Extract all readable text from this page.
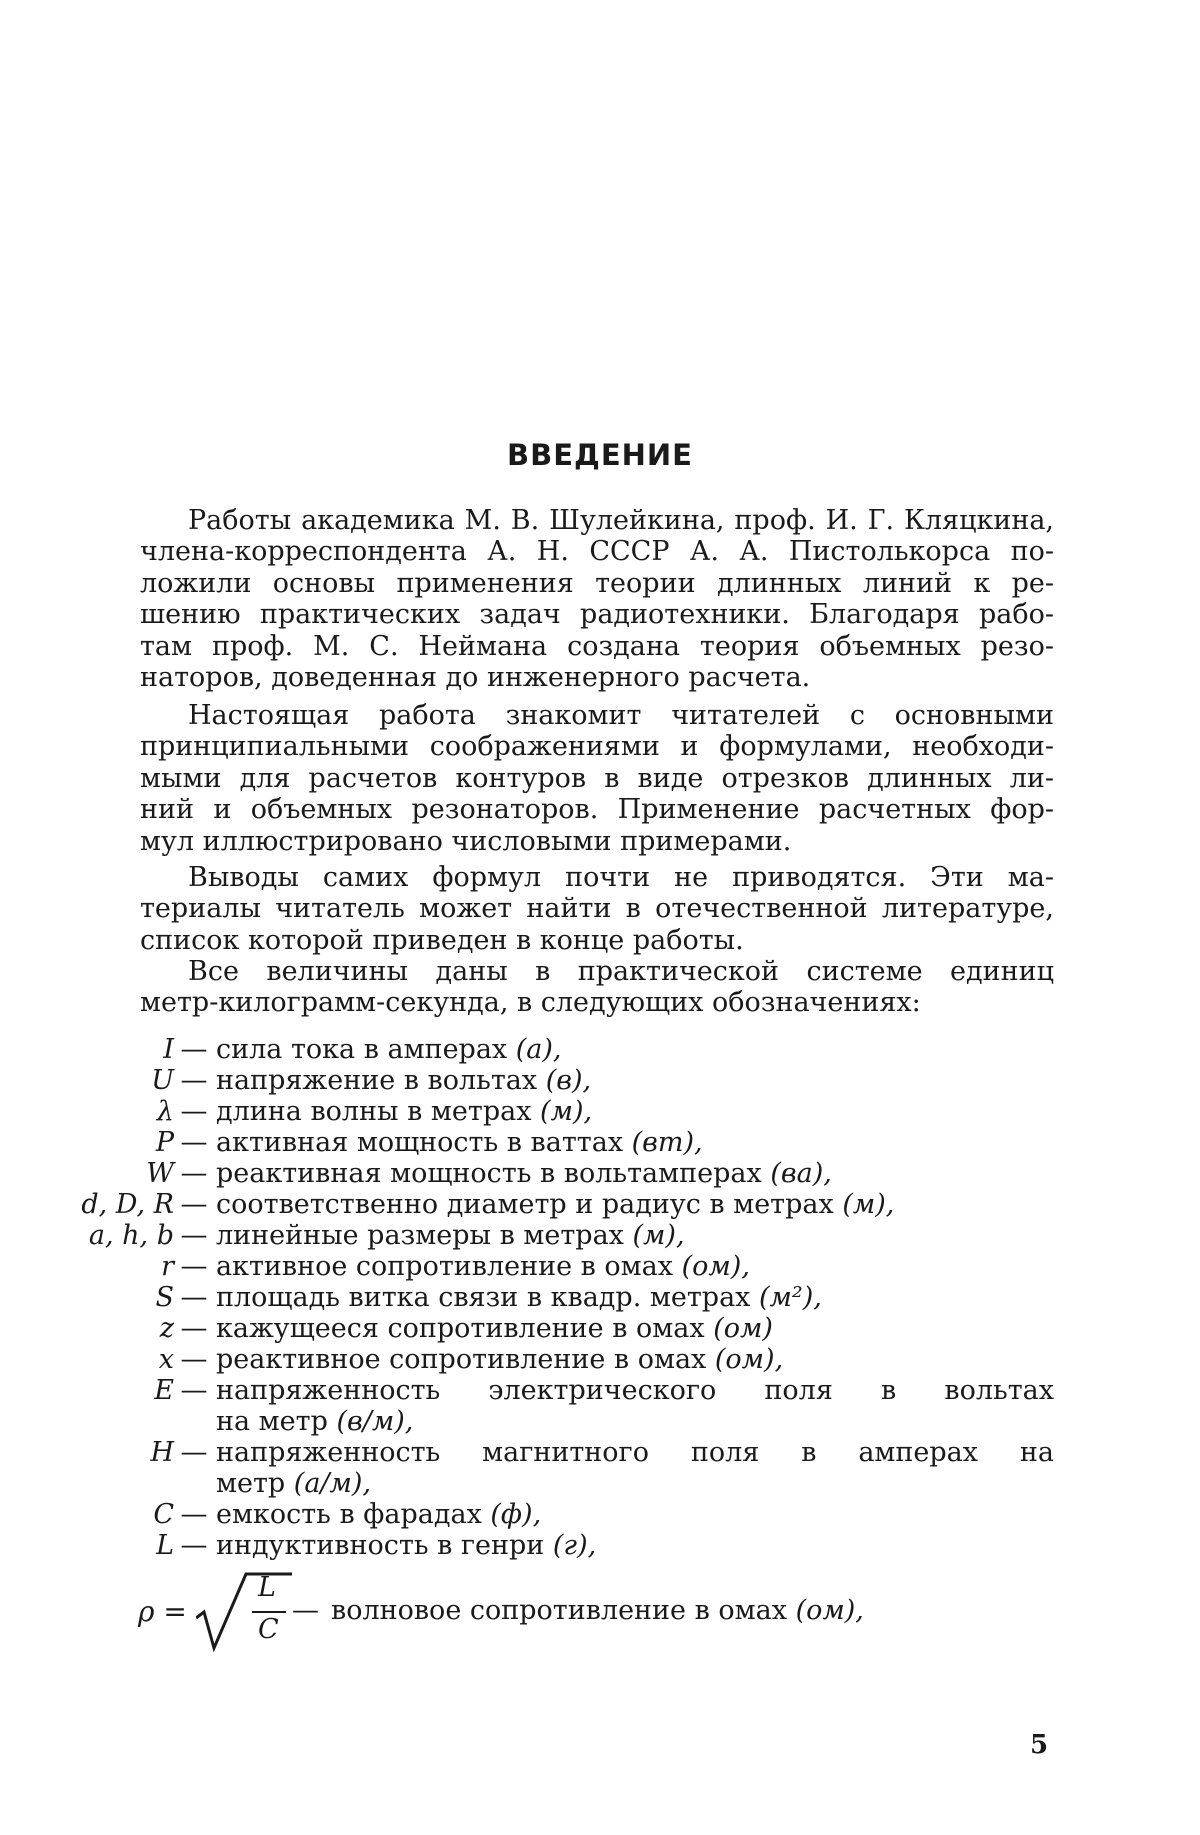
ВВЕДЕНИЕ

Работы академика М. В. Шулейкина, проф. И. Г. Кляцкина,
члена-корреспондента А. Н. СССР А. А. Пистолькорса по-
ложили основы применения теории длинных линий к ре-
шению практических задач радиотехники. Благодаря рабо-
там проф. М. С. Неймана создана теория объемных резо-
наторов, доведенная до инженерного расчета.

Настоящая работа знакомит читателей с основными
принципиальными соображениями и формулами, необходи-
мыми для расчетов контуров в виде отрезков длинных ли-
ний и объемных резонаторов. Применение расчетных фор-
мул иллюстрировано числовыми примерами.

Выводы самих формул почти не приводятся. Эти ма-
териалы читатель может найти в отечественной литературе,
список которой приведен в конце работы.

Все величины даны в практической системе единиц
метр-килограмм-секунда, в следующих обозначениях:

I — сила тока в амперах (а),
U — напряжение в вольтах (в),
λ — длина волны в метрах (м),
P — активная мощность в ваттах (вт),
W — реактивная мощность в вольтамперах (ва),
d, D, R — соответственно диаметр и радиус в метрах (м),
a, h, b — линейные размеры в метрах (м),
r — активное сопротивление в омах (ом),
S — площадь витка связи в квадр. метрах (м²),
z — кажущееся сопротивление в омах (ом)
x — реактивное сопротивление в омах (ом),
E — напряженность электрического поля в вольтах
на метр (в/м),
H — напряженность магнитного поля в амперах на
метр (а/м),
C — емкость в фарадах (ф),
L — индуктивность в генри (г),
ρ =
L
C
— волновое сопротивление в омах (ом),
5
